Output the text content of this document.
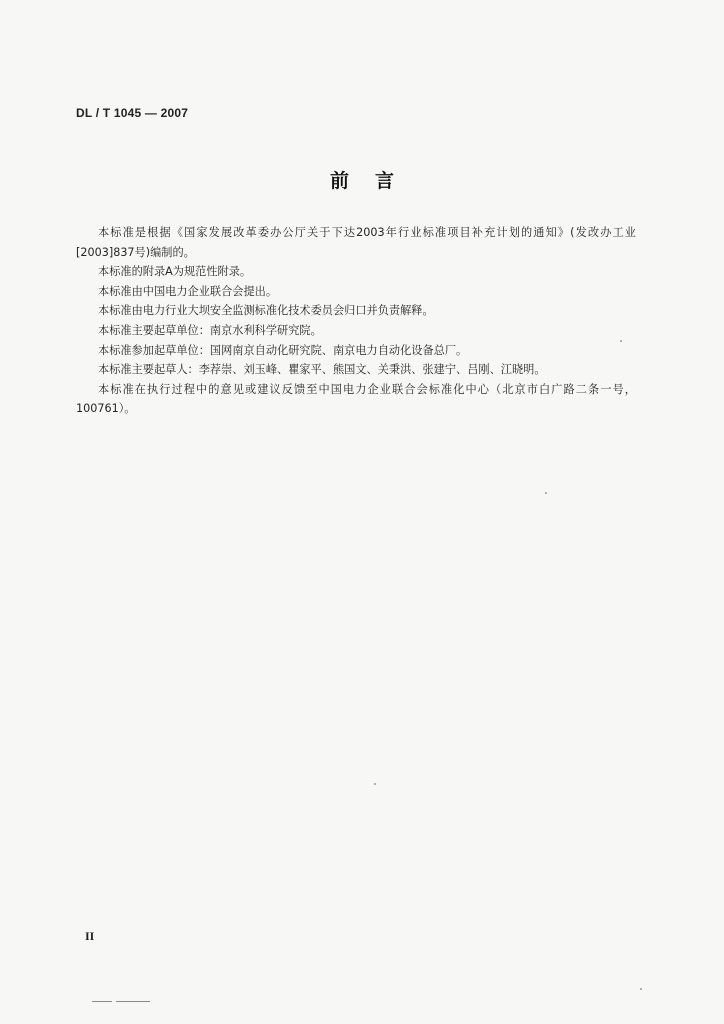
DL / T 1045 — 2007
前言

本标准是根据《国家发展改革委办公厅关于下达2003年行业标准项目补充计划的通知》(发改办工业[2003]837号)编制的。

本标准的附录A为规范性附录。

本标准由中国电力企业联合会提出。

本标准由电力行业大坝安全监测标准化技术委员会归口并负责解释。

本标准主要起草单位：南京水利科学研究院。

本标准参加起草单位：国网南京自动化研究院、南京电力自动化设备总厂。

本标准主要起草人：李荐崇、刘玉峰、瞿家平、熊国文、关秉洪、张建宁、吕刚、江晓明。

本标准在执行过程中的意见或建议反馈至中国电力企业联合会标准化中心（北京市白广路二条一号，100761）。

II
